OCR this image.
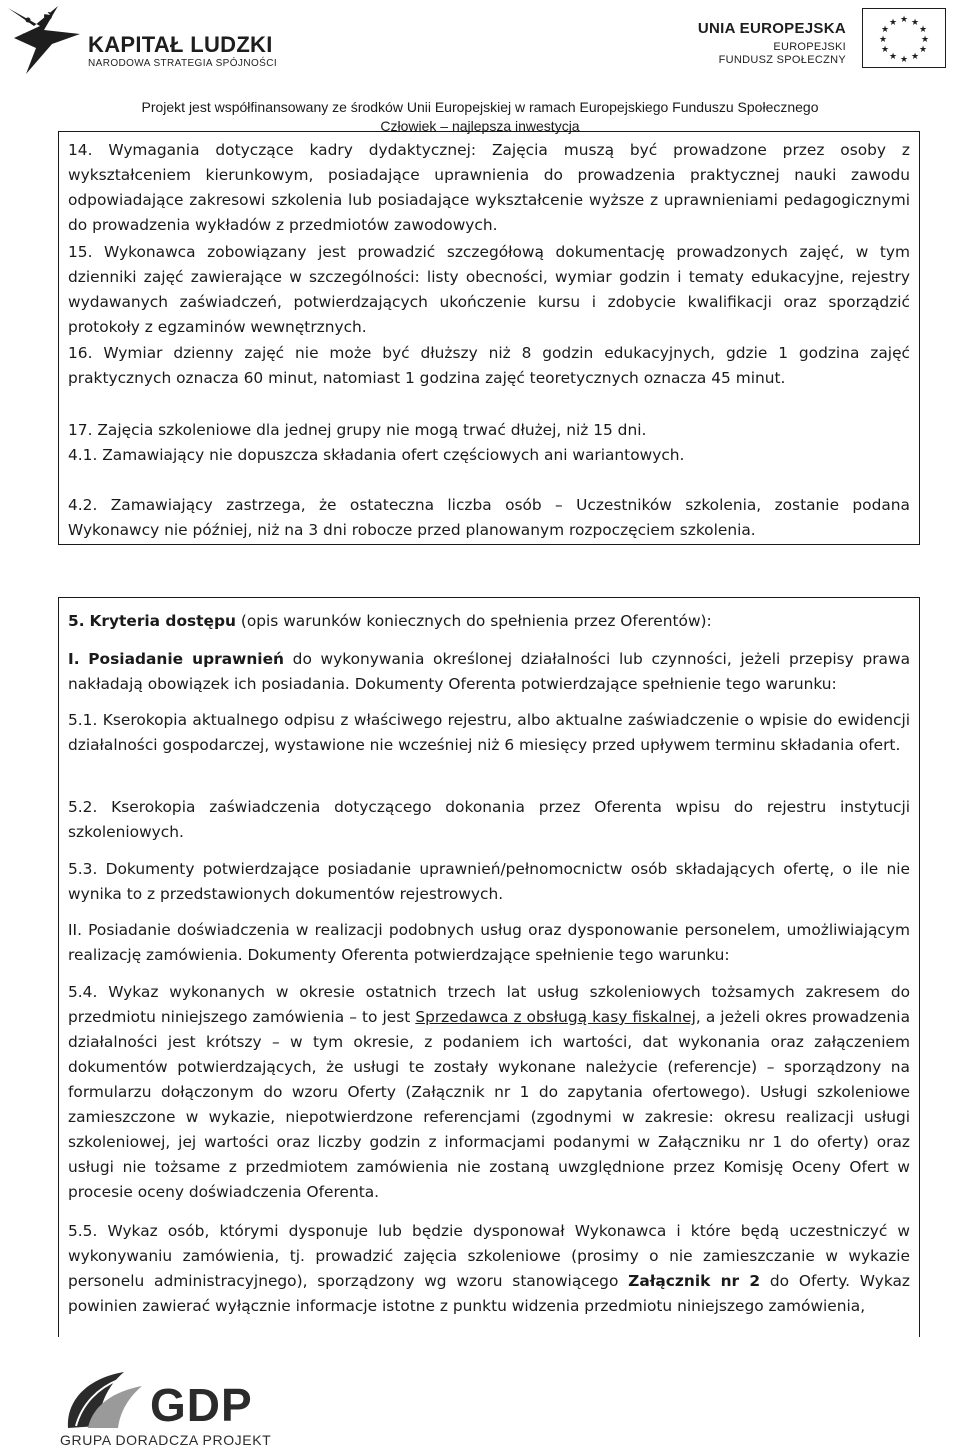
KAPITAŁ LUDZKI
NARODOWA STRATEGIA SPÓJNOŚCI
UNIA EUROPEJSKA
EUROPEJSKI
FUNDUSZ SPOŁECZNY
★ ★
★
★
★
★
★
★
★
★
★
★
Projekt jest współfinansowany ze środków Unii Europejskiej w ramach Europejskiego Funduszu Społecznego
Człowiek – najlepsza inwestycja
14. Wymagania dotyczące kadry dydaktycznej: Zajęcia muszą być prowadzone przez osoby z wykształceniem kierunkowym, posiadające uprawnienia do prowadzenia praktycznej nauki zawodu odpowiadające zakresowi szkolenia lub posiadające wykształcenie wyższe z uprawnieniami pedagogicznymi do prowadzenia wykładów z przedmiotów zawodowych.
15. Wykonawca zobowiązany jest prowadzić szczegółową dokumentację prowadzonych zajęć, w tym dzienniki zajęć zawierające w szczególności: listy obecności, wymiar godzin i tematy edukacyjne, rejestry wydawanych zaświadczeń, potwierdzających ukończenie kursu i zdobycie kwalifikacji oraz sporządzić protokoły z egzaminów wewnętrznych.
16. Wymiar dzienny zajęć nie może być dłuższy niż 8 godzin edukacyjnych, gdzie 1 godzina zajęć praktycznych oznacza 60 minut, natomiast 1 godzina zajęć teoretycznych oznacza 45 minut.
17. Zajęcia szkoleniowe dla jednej grupy nie mogą trwać dłużej, niż 15 dni.
4.1. Zamawiający nie dopuszcza składania ofert częściowych ani wariantowych.
4.2. Zamawiający zastrzega, że ostateczna liczba osób – Uczestników szkolenia, zostanie podana Wykonawcy nie później, niż na 3 dni robocze przed planowanym rozpoczęciem szkolenia.
5. Kryteria dostępu (opis warunków koniecznych do spełnienia przez Oferentów):
I. Posiadanie uprawnień do wykonywania określonej działalności lub czynności, jeżeli przepisy prawa nakładają obowiązek ich posiadania. Dokumenty Oferenta potwierdzające spełnienie tego warunku:
5.1. Kserokopia aktualnego odpisu z właściwego rejestru, albo aktualne zaświadczenie o wpisie do ewidencji działalności gospodarczej, wystawione nie wcześniej niż 6 miesięcy przed upływem terminu składania ofert.
5.2. Kserokopia zaświadczenia dotyczącego dokonania przez Oferenta wpisu do rejestru instytucji szkoleniowych.
5.3. Dokumenty potwierdzające posiadanie uprawnień/pełnomocnictw osób składających ofertę, o ile nie wynika to z przedstawionych dokumentów rejestrowych.
II. Posiadanie doświadczenia w realizacji podobnych usług oraz dysponowanie personelem, umożliwiającym realizację zamówienia. Dokumenty Oferenta potwierdzające spełnienie tego warunku:
5.4. Wykaz wykonanych w okresie ostatnich trzech lat usług szkoleniowych tożsamych zakresem do przedmiotu niniejszego zamówienia – to jest Sprzedawca z obsługą kasy fiskalnej, a jeżeli okres prowadzenia działalności jest krótszy – w tym okresie, z podaniem ich wartości, dat wykonania oraz załączeniem dokumentów potwierdzających, że usługi te zostały wykonane należycie (referencje) – sporządzony na formularzu dołączonym do wzoru Oferty (Załącznik nr 1 do zapytania ofertowego). Usługi szkoleniowe zamieszczone w wykazie, niepotwierdzone referencjami (zgodnymi w zakresie: okresu realizacji usługi szkoleniowej, jej wartości oraz liczby godzin z informacjami podanymi w Załączniku nr 1 do oferty) oraz usługi nie tożsame z przedmiotem zamówienia nie zostaną uwzględnione przez Komisję Oceny Ofert w procesie oceny doświadczenia Oferenta.
5.5. Wykaz osób, którymi dysponuje lub będzie dysponował Wykonawca i które będą uczestniczyć w wykonywaniu zamówienia, tj. prowadzić zajęcia szkoleniowe (prosimy o nie zamieszczanie w wykazie personelu administracyjnego), sporządzony wg wzoru stanowiącego Załącznik nr 2 do Oferty. Wykaz powinien zawierać wyłącznie informacje istotne z punktu widzenia przedmiotu niniejszego zamówienia,
GDP
GRUPA DORADCZA PROJEKT
